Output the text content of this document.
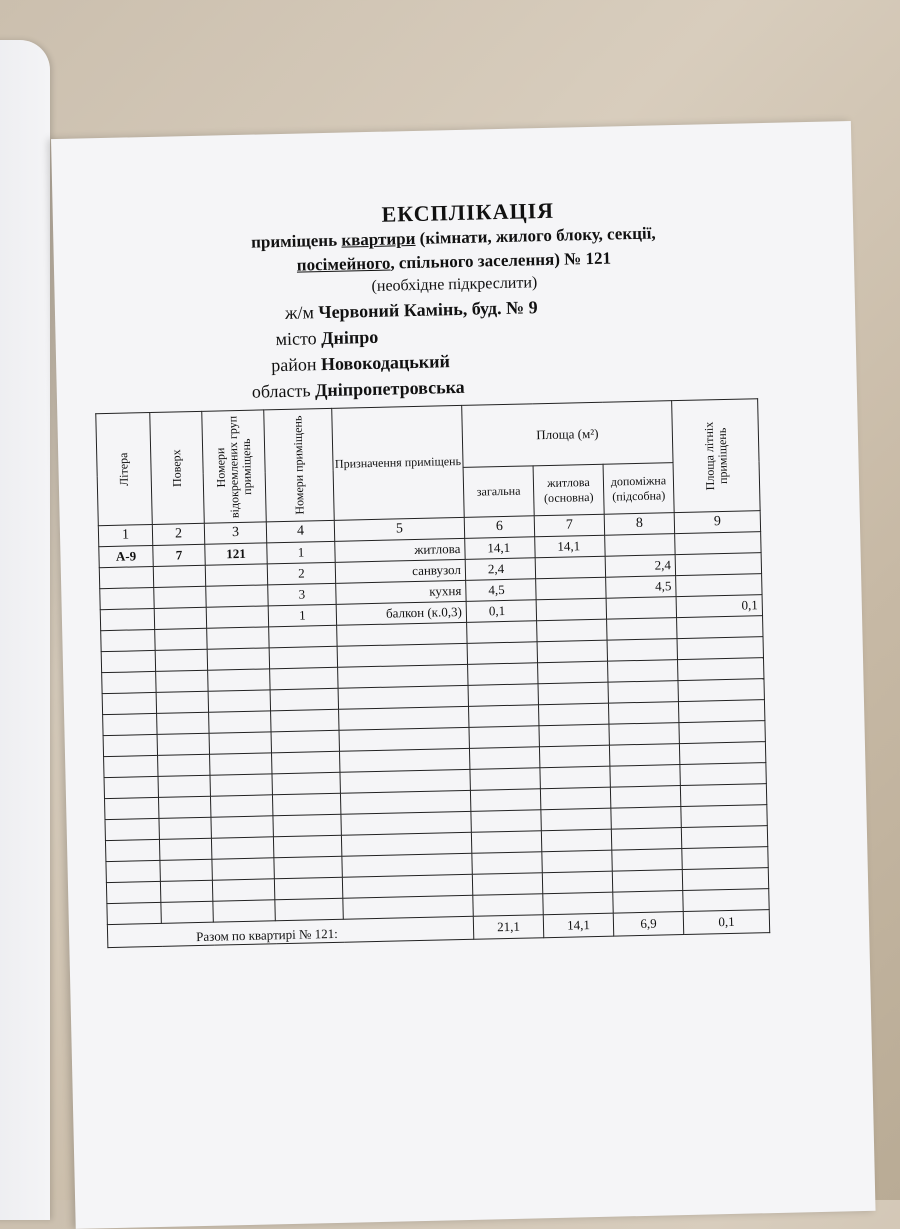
ЕКСПЛІКАЦІЯ
приміщень квартири (кімнати, жилого блоку, секції,
посімейного, спільного заселення) № 121
(необхідне підкреслити)
ж/м Червоний Камінь, буд. № 9
місто Дніпро
район Новокодацький
область Дніпропетровська
Літера	Поверх	Номери відокремлених груп приміщень	Номери приміщень	Призначення приміщень	Площа (м²)			Площа літніх приміщень

					загальна	житлова (основна)	допоміжна (підсобна)	
1	2	3	4	5	6	7	8	9
А-9	7	121	1	житлова	14,1	14,1		
			2	санвузол	2,4		2,4	
			3	кухня	4,5		4,5	
			1	балкон (к.0,3)	0,1			0,1

Разом по квартирі № 121:					21,1	14,1	6,9	0,1
